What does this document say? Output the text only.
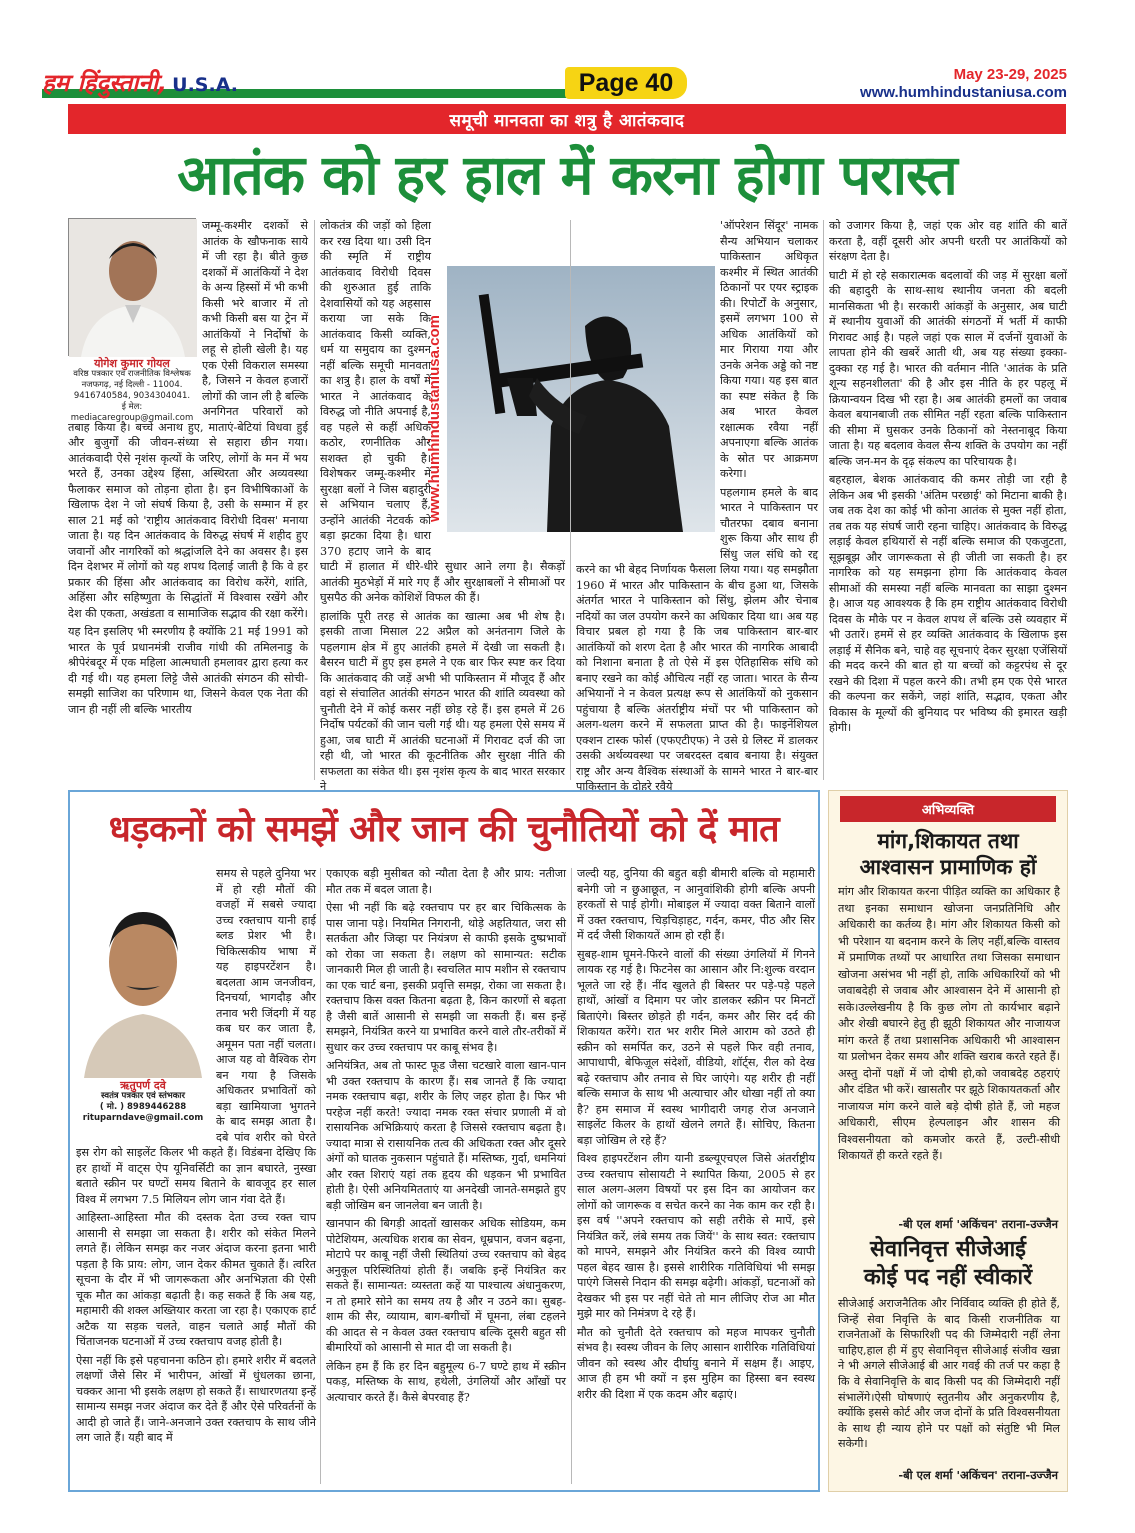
हम हिंदुस्तानी, U.S.A.	Page 40	May 23-29, 2025
www.humhindustaniusa.com
समूची मानवता का शत्रु है आतंकवाद
आतंक को हर हाल में करना होगा परास्त
योगेश कुमार गोयल
वरिष्ठ पत्रकार एवं राजनीतिक विश्लेषक
नजफगढ़, नई दिल्ली - 11004.
9416740584, 9034304041.
ई मेल: mediacaregroup@gmail.com

जम्मू-कश्मीर दशकों से आतंक के खौफनाक साये में जी रहा है। बीते कुछ दशकों में आतंकियों ने देश के अन्य हिस्सों में भी कभी किसी भरे बाजार में तो कभी किसी बस या ट्रेन में आतंकियों ने निर्दोषों के लहू से होली खेली है। यह एक ऐसी विकराल समस्या है, जिसने न केवल हजारों लोगों की जान ली है बल्कि अनगिनत परिवारों को तबाह किया है। बच्चे अनाथ हुए, माताएं-बेटियां विधवा हुई और बुजुर्गों की जीवन-संध्या से सहारा छीन गया। आतंकवादी ऐसे नृशंस कृत्यों के जरिए, लोगों के मन में भय भरते हैं, उनका उद्देश्य हिंसा, अस्थिरता और अव्यवस्था फैलाकर समाज को तोड़ना होता है। इन विभीषिकाओं के खिलाफ देश ने जो संघर्ष किया है, उसी के सम्मान में हर साल 21 मई को 'राष्ट्रीय आतंकवाद विरोधी दिवस' मनाया जाता है। यह दिन आतंकवाद के विरुद्ध संघर्ष में शहीद हुए जवानों और नागरिकों को श्रद्धांजलि देने का अवसर है। इस दिन देशभर में लोगों को यह शपथ दिलाई जाती है कि वे हर प्रकार की हिंसा और आतंकवाद का विरोध करेंगे, शांति, अहिंसा और सहिष्णुता के सिद्धांतों में विश्वास रखेंगे और देश की एकता, अखंडता व सामाजिक सद्भाव की रक्षा करेंगे।

यह दिन इसलिए भी स्मरणीय है क्योंकि 21 मई 1991 को भारत के पूर्व प्रधानमंत्री राजीव गांधी की तमिलनाडु के श्रीपेरंबदूर में एक महिला आत्मघाती हमलावर द्वारा हत्या कर दी गई थी। यह हमला लिट्टे जैसे आतंकी संगठन की सोची-समझी साजिश का परिणाम था, जिसने केवल एक नेता की जान ही नहीं ली बल्कि भारतीय

लोकतंत्र की जड़ों को हिला कर रख दिया था। उसी दिन की स्मृति में राष्ट्रीय आतंकवाद विरोधी दिवस की शुरुआत हुई ताकि देशवासियों को यह अहसास कराया जा सके कि आतंकवाद किसी व्यक्ति, धर्म या समुदाय का दुश्मन नहीं बल्कि समूची मानवता का शत्रु है। हाल के वर्षों में भारत ने आतंकवाद के विरुद्ध जो नीति अपनाई है, वह पहले से कहीं अधिक कठोर, रणनीतिक और सशक्त हो चुकी है। विशेषकर जम्मू-कश्मीर में सुरक्षा बलों ने जिस बहादुरी से अभियान चलाए हैं, उन्होंने आतंकी नेटवर्क को बड़ा झटका दिया है। धारा 370 हटाए जाने के बाद घाटी में हालात में धीरे-धीरे सुधार आने लगा है। सैकड़ों आतंकी मुठभेड़ों में मारे गए हैं और सुरक्षाबलों ने सीमाओं पर घुसपैठ की अनेक कोशिशें विफल की हैं।

हालांकि पूरी तरह से आतंक का खात्मा अब भी शेष है। इसकी ताजा मिसाल 22 अप्रैल को अनंतनाग जिले के पहलगाम क्षेत्र में हुए आतंकी हमले में देखी जा सकती है। बैसरन घाटी में हुए इस हमले ने एक बार फिर स्पष्ट कर दिया कि आतंकवाद की जड़ें अभी भी पाकिस्तान में मौजूद हैं और वहां से संचालित आतंकी संगठन भारत की शांति व्यवस्था को चुनौती देने में कोई कसर नहीं छोड़ रहे हैं। इस हमले में 26 निर्दोष पर्यटकों की जान चली गई थी। यह हमला ऐसे समय में हुआ, जब घाटी में आतंकी घटनाओं में गिरावट दर्ज की जा रही थी, जो भारत की कूटनीतिक और सुरक्षा नीति की सफलता का संकेत थी। इस नृशंस कृत्य के बाद भारत सरकार ने

www.humhindustaniusa.com

'ऑपरेशन सिंदूर' नामक सैन्य अभियान चलाकर पाकिस्तान अधिकृत कश्मीर में स्थित आतंकी ठिकानों पर एयर स्ट्राइक की। रिपोर्टों के अनुसार, इसमें लगभग 100 से अधिक आतंकियों को मार गिराया गया और उनके अनेक अड्डे को नष्ट किया गया। यह इस बात का स्पष्ट संकेत है कि अब भारत केवल रक्षात्मक रवैया नहीं अपनाएगा बल्कि आतंक के स्रोत पर आक्रमण करेगा।

पहलगाम हमले के बाद भारत ने पाकिस्तान पर चौतरफा दबाव बनाना शुरू किया और साथ ही सिंधु जल संधि को रद्द करने का भी बेहद निर्णायक फैसला लिया गया। यह समझौता 1960 में भारत और पाकिस्तान के बीच हुआ था, जिसके अंतर्गत भारत ने पाकिस्तान को सिंधु, झेलम और चेनाब नदियों का जल उपयोग करने का अधिकार दिया था। अब यह विचार प्रबल हो गया है कि जब पाकिस्तान बार-बार आतंकियों को शरण देता है और भारत की नागरिक आबादी को निशाना बनाता है तो ऐसे में इस ऐतिहासिक संधि को बनाए रखने का कोई औचित्य नहीं रह जाता। भारत के सैन्य अभियानों ने न केवल प्रत्यक्ष रूप से आतंकियों को नुकसान पहुंचाया है बल्कि अंतर्राष्ट्रीय मंचों पर भी पाकिस्तान को अलग-थलग करने में सफलता प्राप्त की है। फाइनेंशियल एक्शन टास्क फोर्स (एफएटीएफ) ने उसे ग्रे लिस्ट में डालकर उसकी अर्थव्यवस्था पर जबरदस्त दबाव बनाया है। संयुक्त राष्ट्र और अन्य वैश्विक संस्थाओं के सामने भारत ने बार-बार पाकिस्तान के दोहरे रवैये

को उजागर किया है, जहां एक ओर वह शांति की बातें करता है, वहीं दूसरी ओर अपनी धरती पर आतंकियों को संरक्षण देता है।

घाटी में हो रहे सकारात्मक बदलावों की जड़ में सुरक्षा बलों की बहादुरी के साथ-साथ स्थानीय जनता की बदली मानसिकता भी है। सरकारी आंकड़ों के अनुसार, अब घाटी में स्थानीय युवाओं की आतंकी संगठनों में भर्ती में काफी गिरावट आई है। पहले जहां एक साल में दर्जनों युवाओं के लापता होने की खबरें आती थी, अब यह संख्या इक्का-दुक्का रह गई है। भारत की वर्तमान नीति 'आतंक के प्रति शून्य सहनशीलता' की है और इस नीति के हर पहलू में क्रियान्वयन दिख भी रहा है। अब आतंकी हमलों का जवाब केवल बयानबाजी तक सीमित नहीं रहता बल्कि पाकिस्तान की सीमा में घुसकर उनके ठिकानों को नेस्तनाबूद किया जाता है। यह बदलाव केवल सैन्य शक्ति के उपयोग का नहीं बल्कि जन-मन के दृढ़ संकल्प का परिचायक है।

बहरहाल, बेशक आतंकवाद की कमर तोड़ी जा रही है लेकिन अब भी इसकी 'अंतिम परछाई' को मिटाना बाकी है। जब तक देश का कोई भी कोना आतंक से मुक्त नहीं होता, तब तक यह संघर्ष जारी रहना चाहिए। आतंकवाद के विरुद्ध लड़ाई केवल हथियारों से नहीं बल्कि समाज की एकजुटता, सूझबूझ और जागरूकता से ही जीती जा सकती है। हर नागरिक को यह समझना होगा कि आतंकवाद केवल सीमाओं की समस्या नहीं बल्कि मानवता का साझा दुश्मन है। आज यह आवश्यक है कि हम राष्ट्रीय आतंकवाद विरोधी दिवस के मौके पर न केवल शपथ लें बल्कि उसे व्यवहार में भी उतारें। हममें से हर व्यक्ति आतंकवाद के खिलाफ इस लड़ाई में सैनिक बने, चाहे वह सूचनाएं देकर सुरक्षा एजेंसियों की मदद करने की बात हो या बच्चों को कट्टरपंथ से दूर रखने की दिशा में पहल करने की। तभी हम एक ऐसे भारत की कल्पना कर सकेंगे, जहां शांति, सद्भाव, एकता और विकास के मूल्यों की बुनियाद पर भविष्य की इमारत खड़ी होगी।

धड़कनों को समझें और जान की चुनौतियों को दें मात
ऋतुपर्ण दवे
स्वतंत्र पत्रकार एवं स्तंभकार
( मो. ) 8989446288
rituparndave@gmail.com

समय से पहले दुनिया भर में हो रही मौतों की वजहों में सबसे ज्यादा उच्च रक्तचाप यानी हाई ब्लड प्रेशर भी है। चिकित्सकीय भाषा में यह हाइपरटेंशन है। बदलता आम जनजीवन, दिनचर्या, भागदौड़ और तनाव भरी जिंदगी में यह कब घर कर जाता है, अमूमन पता नहीं चलता। आज यह वो वैश्विक रोग बन गया है जिसके अधिकतर प्रभावितों को बड़ा खामियाजा भुगतने के बाद समझ आता है। दबे पांव शरीर को घेरते इस रोग को साइलेंट किलर भी कहते हैं। विडंबना देखिए कि हर हाथों में वाट्स ऐप यूनिवर्सिटी का ज्ञान बघारते, नुस्खा बताते स्क्रीन पर घण्टों समय बिताने के बावजूद हर साल विश्व में लगभग 7.5 मिलियन लोग जान गंवा देते हैं।

आहिस्ता-आहिस्ता मौत की दस्तक देता उच्च रक्त चाप आसानी से समझा जा सकता है। शरीर को संकेत मिलने लगते हैं। लेकिन समझ कर नजर अंदाज करना इतना भारी पड़ता है कि प्राय: लोग, जान देकर कीमत चुकाते हैं। त्वरित सूचना के दौर में भी जागरूकता और अनभिज्ञता की ऐसी चूक मौत का आंकड़ा बढ़ाती है। कह सकते हैं कि अब यह, महामारी की शक्ल अख्तियार करता जा रहा है। एकाएक हार्ट अटैक या सड़क चलते, वाहन चलाते आईं मौतों की चिंताजनक घटनाओं में उच्च रक्तचाप वजह होती है।

ऐसा नहीं कि इसे पहचानना कठिन हो। हमारे शरीर में बदलते लक्षणों जैसे सिर में भारीपन, आंखों में धुंधलका छाना, चक्कर आना भी इसके लक्षण हो सकते हैं। साधारणतया इन्हें सामान्य समझ नजर अंदाज कर देते हैं और ऐसे परिवर्तनों के आदी हो जाते हैं। जाने-अनजाने उक्त रक्तचाप के साथ जीने लग जाते हैं। यही बाद में

एकाएक बड़ी मुसीबत को न्यौता देता है और प्राय: नतीजा मौत तक में बदल जाता है।

ऐसा भी नहीं कि बढ़े रक्तचाप पर हर बार चिकित्सक के पास जाना पड़े। नियमित निगरानी, थोड़े अहतियात, जरा सी सतर्कता और जिव्हा पर नियंत्रण से काफी इसके दुष्प्रभावों को रोका जा सकता है। लक्षण को सामान्यत: सटीक जानकारी मिल ही जाती है। स्वचलित माप मशीन से रक्तचाप का एक चार्ट बना, इसकी प्रवृत्ति समझ, रोका जा सकता है। रक्तचाप किस वक्त कितना बढ़ता है, किन कारणों से बढ़ता है जैसी बातें आसानी से समझी जा सकती हैं। बस इन्हें समझने, नियंत्रित करने या प्रभावित करने वाले तौर-तरीकों में सुधार कर उच्च रक्तचाप पर काबू संभव है।

अनियंत्रित, अब तो फास्ट फूड जैसा चटखारे वाला खान-पान भी उक्त रक्तचाप के कारण हैं। सब जानते हैं कि ज्यादा नमक रक्तचाप बढ़ा, शरीर के लिए जहर होता है। फिर भी परहेज नहीं करते! ज्यादा नमक रक्त संचार प्रणाली में वो रासायनिक अभिक्रियाएं करता है जिससे रक्तचाप बढ़ता है। ज्यादा मात्रा से रासायनिक तत्व की अधिकता रक्त और दूसरे अंगों को घातक नुकसान पहुंचाते हैं। मस्तिष्क, गुर्दा, धमनियां और रक्त शिराएं यहां तक हृदय की धड़कन भी प्रभावित होती है। ऐसी अनियमितताएं या अनदेखी जानते-समझते हुए बड़ी जोखिम बन जानलेवा बन जाती है।

खानपान की बिगड़ी आदतों खासकर अधिक सोडियम, कम पोटेशियम, अत्यधिक शराब का सेवन, धूम्रपान, वजन बढ़ना, मोटापे पर काबू नहीं जैसी स्थितियां उच्च रक्तचाप को बेहद अनुकूल परिस्थितियां होती हैं। जबकि इन्हें नियंत्रित कर सकते हैं। सामान्यत: व्यस्तता कहें या पाश्चात्य अंधानुकरण, न तो हमारे सोने का समय तय है और न उठने का। सुबह-शाम की सैर, व्यायाम, बाग-बगीचों में घूमना, लंबा टहलने की आदत से न केवल उक्त रक्तचाप बल्कि दूसरी बहुत सी बीमारियों को आसानी से मात दी जा सकती है।

लेकिन हम हैं कि हर दिन बहुमूल्य 6-7 घण्टे हाथ में स्क्रीन पकड़, मस्तिष्क के साथ, हथेली, उंगलियों और आँखों पर अत्याचार करते हैं। कैसे बेपरवाह हैं?

जल्दी यह, दुनिया की बहुत बड़ी बीमारी बल्कि वो महामारी बनेगी जो न छुआछूत, न आनुवांशिकी होगी बल्कि अपनी हरकतों से पाई होगी। मोबाइल में ज्यादा वक्त बिताने वालों में उक्त रक्तचाप, चिड़चिड़ाहट, गर्दन, कमर, पीठ और सिर में दर्द जैसी शिकायतें आम हो रही हैं।

सुबह-शाम घूमने-फिरने वालों की संख्या उंगलियों में गिनने लायक रह गई है। फिटनेस का आसान और नि:शुल्क वरदान भूलते जा रहे हैं। नींद खुलते ही बिस्तर पर पड़े-पड़े पहले हाथों, आंखों व दिमाग पर जोर डालकर स्क्रीन पर मिनटों बिताएंगे। बिस्तर छोड़ते ही गर्दन, कमर और सिर दर्द की शिकायत करेंगे। रात भर शरीर मिले आराम को उठते ही स्क्रीन को समर्पित कर, उठने से पहले फिर वही तनाव, आपाधापी, बेफिज़ूल संदेशों, वीडियो, शॉर्ट्स, रील को देख बढ़े रक्तचाप और तनाव से घिर जाएंगे। यह शरीर ही नहीं बल्कि समाज के साथ भी अत्याचार और धोखा नहीं तो क्या है? हम समाज में स्वस्थ भागीदारी जगह रोज अनजाने साइलेंट किलर के हाथों खेलने लगते हैं। सोचिए, कितना बड़ा जोखिम ले रहे हैं?

विश्व हाइपरटेंशन लीग यानी डब्ल्यूएचएल जिसे अंतर्राष्ट्रीय उच्च रक्तचाप सोसायटी ने स्थापित किया, 2005 से हर साल अलग-अलग विषयों पर इस दिन का आयोजन कर लोगों को जागरूक व सचेत करने का नेक काम कर रही है। इस वर्ष ''अपने रक्तचाप को सही तरीके से मापें, इसे नियंत्रित करें, लंबे समय तक जियें'' के साथ स्वत: रक्तचाप को मापने, समझने और नियंत्रित करने की विश्व व्यापी पहल बेहद खास है। इससे शारीरिक गतिविधियां भी समझ पाएंगे जिससे निदान की समझ बढ़ेगी। आंकड़ों, घटनाओं को देखकर भी इस पर नहीं चेते तो मान लीजिए रोज आ मौत मुझे मार को निमंत्रण दे रहे हैं।

मौत को चुनौती देते रक्तचाप को महज मापकर चुनौती संभव है। स्वस्थ जीवन के लिए आसान शारीरिक गतिविधियां जीवन को स्वस्थ और दीर्घायु बनाने में सक्षम हैं। आइए, आज ही हम भी क्यों न इस मुहिम का हिस्सा बन स्वस्थ शरीर की दिशा में एक कदम और बढ़ाएं।

अभिव्यक्ति
मांग,शिकायत तथा
आश्वासन प्रामाणिक हों
मांग और शिकायत करना पीड़ित व्यक्ति का अधिकार है तथा इनका समाधान खोजना जनप्रतिनिधि और अधिकारी का कर्तव्य है। मांग और शिकायत किसी को भी परेशान या बदनाम करने के लिए नहीं,बल्कि वास्तव में प्रमाणिक तथ्यों पर आधारित तथा जिसका समाधान खोजना असंभव भी नहीं हो, ताकि अधिकारियों को भी जवाबदेही से जवाब और आश्वासन देने में आसानी हो सके।उल्लेखनीय है कि कुछ लोग तो कार्यभार बढ़ाने और शेखी बघारने हेतु ही झूठी शिकायत और नाजायज मांग करते हैं तथा प्रशासनिक अधिकारी भी आश्वासन या प्रलोभन देकर समय और शक्ति खराब करते रहते हैं। अस्तु दोनों पक्षों में जो दोषी हो,को जवाबदेह ठहराएं और दंडित भी करें। खासतौर पर झूठे शिकायतकर्ता और नाजायज मांग करने वाले बड़े दोषी होते हैं, जो महज अधिकारी, सीएम हेल्पलाइन और शासन की विश्वसनीयता को कमजोर करते हैं, उल्टी-सीधी शिकायतें ही करते रहते हैं।
-बी एल शर्मा 'अकिंचन' तराना-उज्जैन
सेवानिवृत्त सीजेआई
कोई पद नहीं स्वीकारें
सीजेआई अराजनैतिक और निर्विवाद व्यक्ति ही होते हैं, जिन्हें सेवा निवृत्ति के बाद किसी राजनीतिक या राजनेताओं के सिफारिशी पद की जिम्मेदारी नहीं लेना चाहिए,हाल ही में हुए सेवानिवृत्त सीजेआई संजीव खन्ना ने भी अगले सीजेआई बी आर गवई की तर्ज पर कहा है कि वे सेवानिवृत्ति के बाद किसी पद की जिम्मेदारी नहीं संभालेंगे।ऐसी घोषणाएं स्तुतनीय और अनुकरणीय है, क्योंकि इससे कोर्ट और जज दोनों के प्रति विश्वसनीयता के साथ ही न्याय होने पर पक्षों को संतुष्टि भी मिल सकेगी।
-बी एल शर्मा 'अकिंचन' तराना-उज्जैन
